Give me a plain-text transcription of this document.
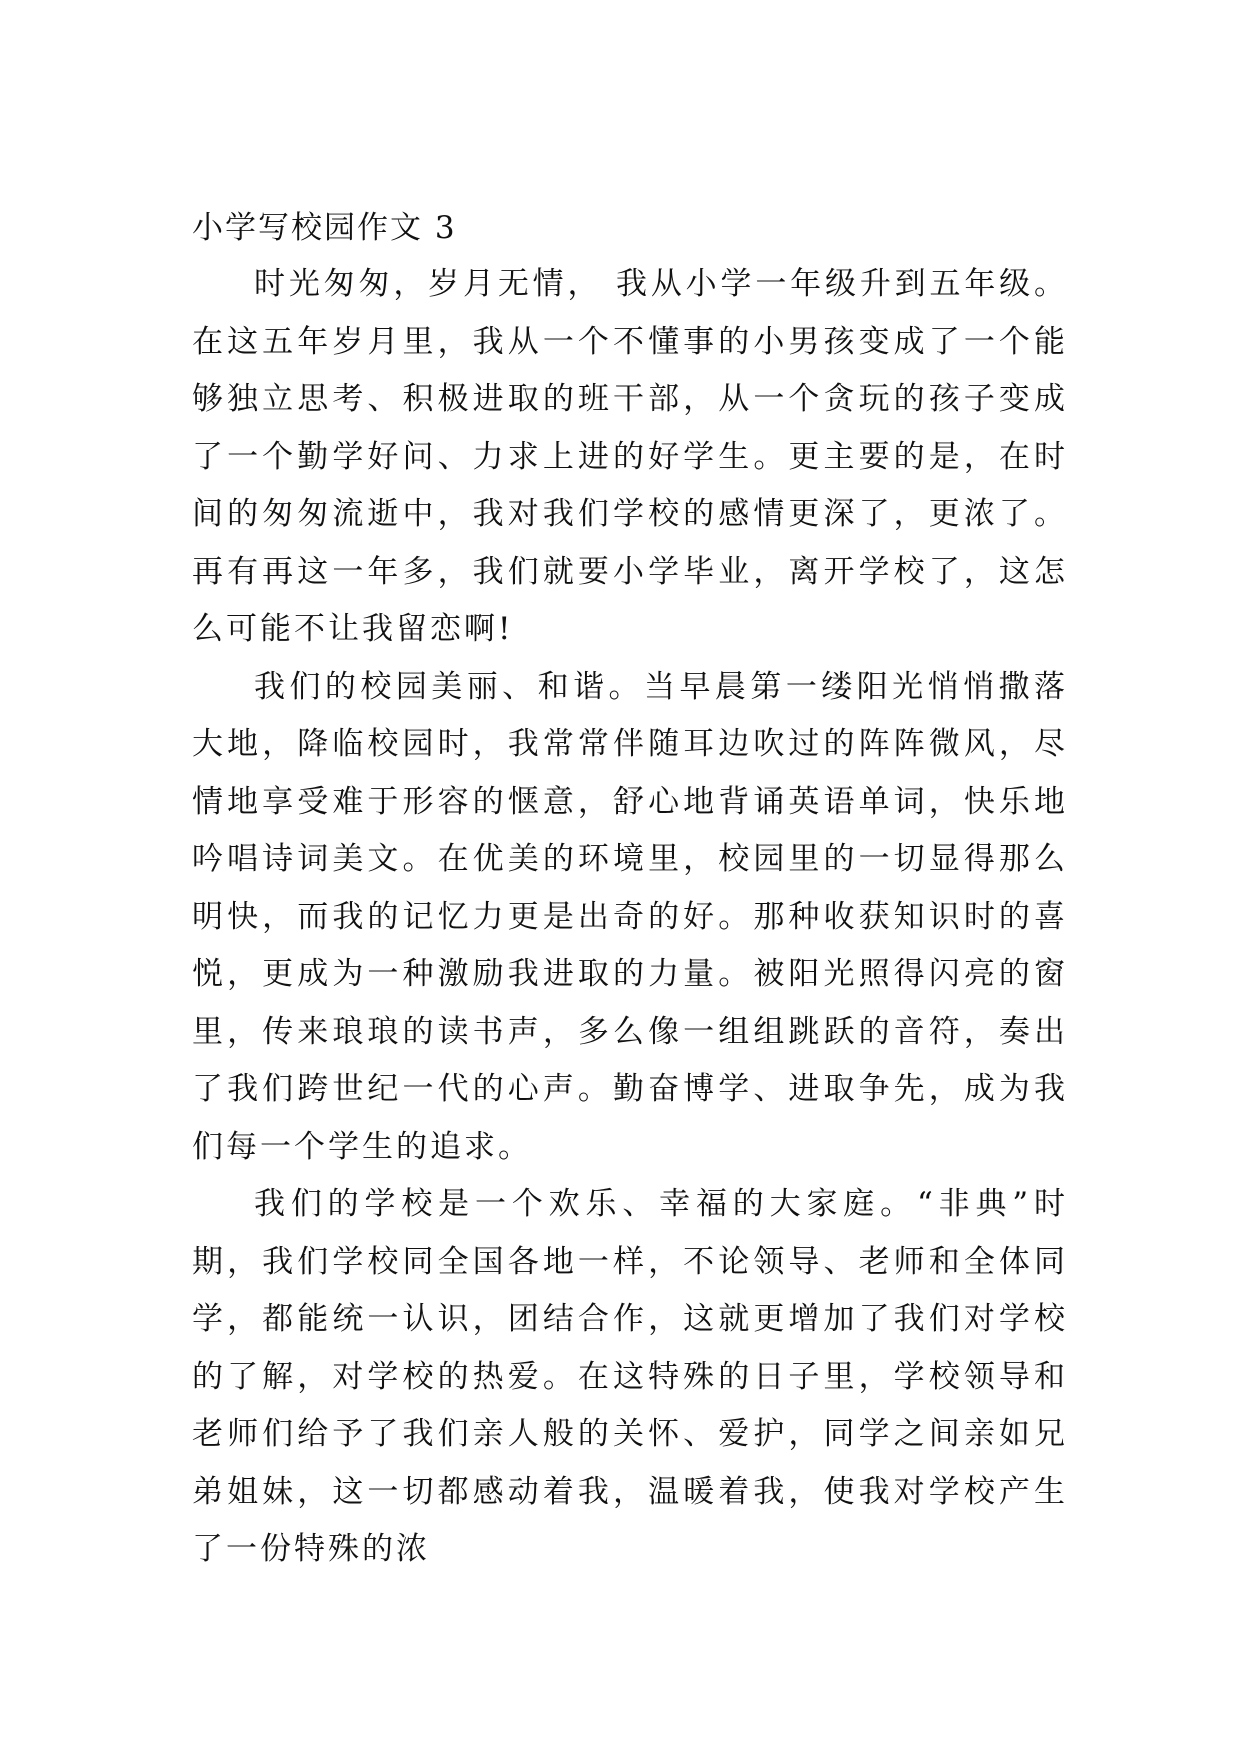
小学写校园作文 3

时光匆匆，岁月无情， 我从小学一年级升到五年级。在这五年岁月里，我从一个不懂事的小男孩变成了一个能够独立思考、积极进取的班干部，从一个贪玩的孩子变成了一个勤学好问、力求上进的好学生。更主要的是，在时间的匆匆流逝中，我对我们学校的感情更深了，更浓了。再有再这一年多，我们就要小学毕业，离开学校了，这怎么可能不让我留恋啊!

我们的校园美丽、和谐。当早晨第一缕阳光悄悄撒落大地，降临校园时，我常常伴随耳边吹过的阵阵微风，尽情地享受难于形容的惬意，舒心地背诵英语单词，快乐地吟唱诗词美文。在优美的环境里，校园里的一切显得那么明快，而我的记忆力更是出奇的好。那种收获知识时的喜悦，更成为一种激励我进取的力量。被阳光照得闪亮的窗里，传来琅琅的读书声，多么像一组组跳跃的音符，奏出了我们跨世纪一代的心声。勤奋博学、进取争先，成为我们每一个学生的追求。

我们的学校是一个欢乐、幸福的大家庭。“非典”时期，我们学校同全国各地一样，不论领导、老师和全体同学，都能统一认识，团结合作，这就更增加了我们对学校的了解，对学校的热爱。在这特殊的日子里，学校领导和老师们给予了我们亲人般的关怀、爱护，同学之间亲如兄弟姐妹，这一切都感动着我，温暖着我，使我对学校产生了一份特殊的浓
